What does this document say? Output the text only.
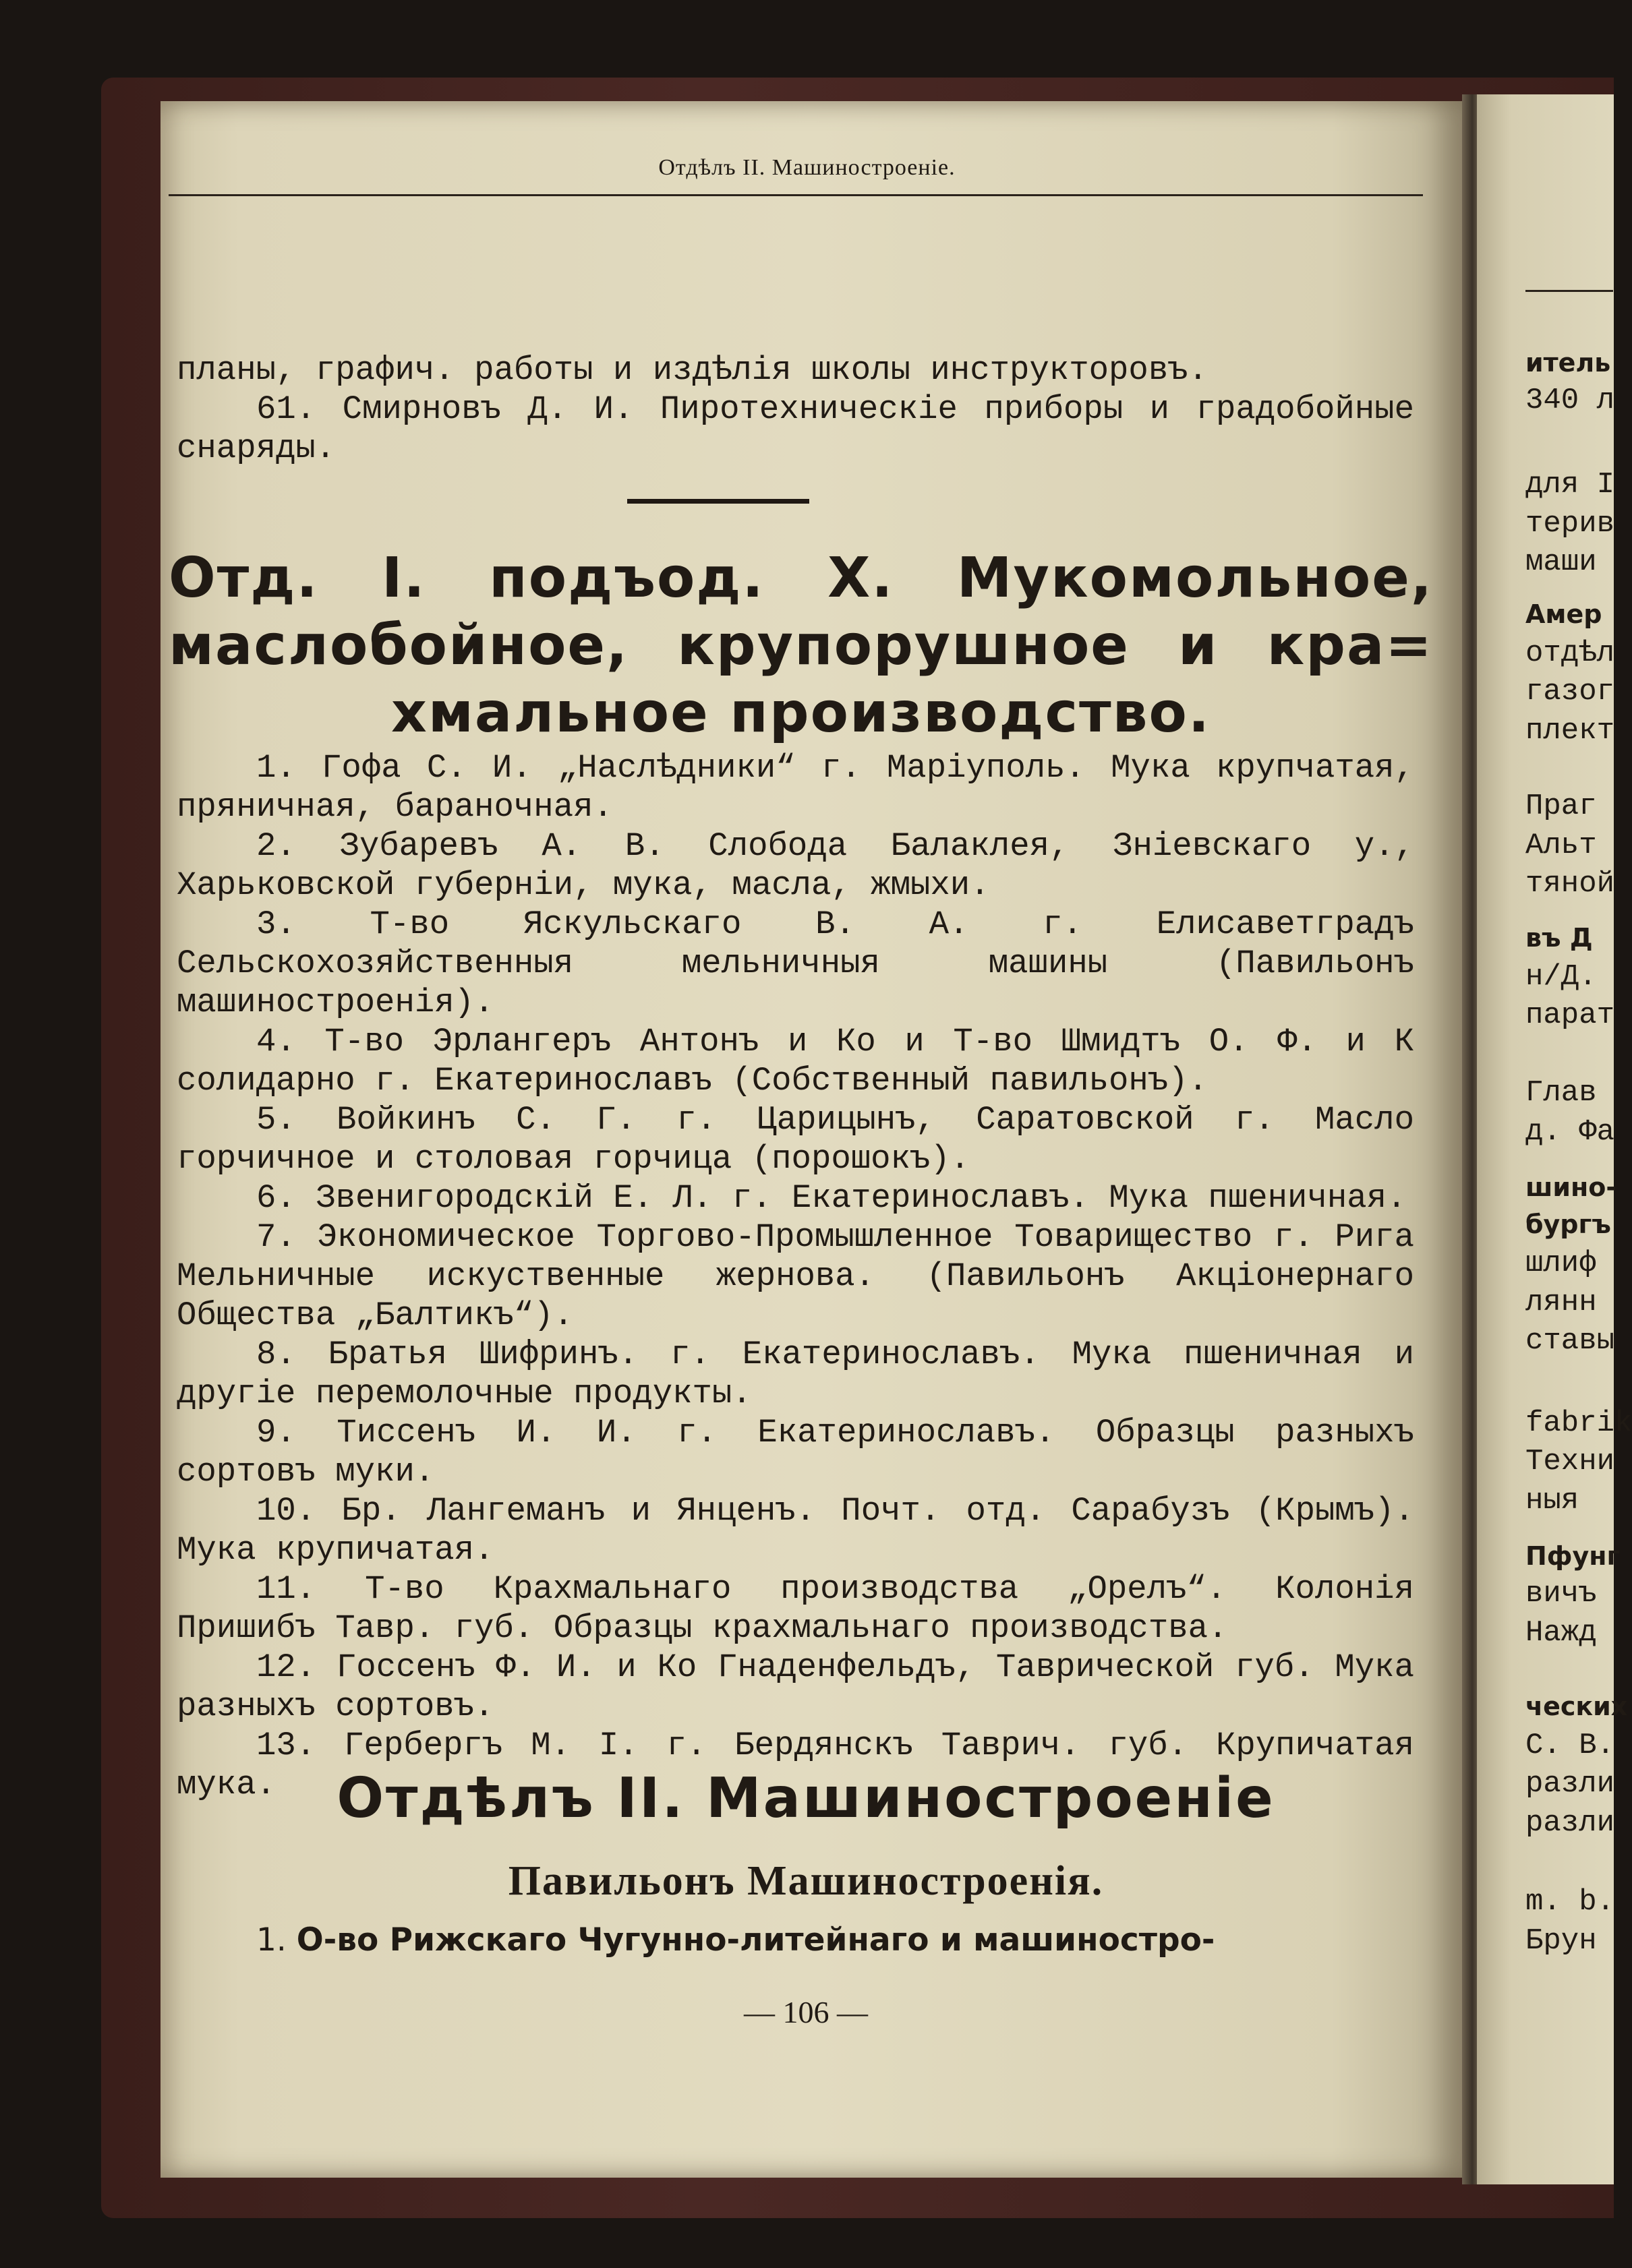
Отдѣлъ II. Машиностроеніе.

планы, графич. работы и издѣлія школы инструкторовъ.

61. Смирновъ Д. И. Пиротехническіе приборы и градобойные снаряды.

Отд. I. подъод. X. Мукомольное,
маслобойное, крупорушное и кра=
хмальное производство.

1. Гофа С. И. „Наслѣдники“ г. Маріуполь. Мука крупчатая, пряничная, бараночная.

2. Зубаревъ А. В. Слобода Балаклея, Зніевскаго у., Харьковской губерніи, мука, масла, жмыхи.

3. Т-во Яскульскаго В. А. г. Елисаветградъ Сельскохозяйственныя мельничныя машины (Павильонъ машиностроенія).

4. Т-во Эрлангеръ Антонъ и Ко и Т-во Шмидтъ О. Ф. и К солидарно г. Екатеринославъ (Собственный павильонъ).

5. Войкинъ С. Г. г. Царицынъ, Саратовской г. Масло горчичное и столовая горчица (порошокъ).

6. Звенигородскій Е. Л. г. Екатеринославъ. Мука пшеничная.

7. Экономическое Торгово-Промышленное Товарищество г. Рига Мельничные искуственные жернова. (Павильонъ Акціонернаго Общества „Балтикъ“).

8. Братья Шифринъ. г. Екатеринославъ. Мука пшеничная и другіе перемолочные продукты.

9. Тиссенъ И. И. г. Екатеринославъ. Образцы разныхъ сортовъ муки.

10. Бр. Лангеманъ и Янценъ. Почт. отд. Сарабузъ (Крымъ). Мука крупичатая.

11. Т-во Крахмальнаго производства „Орелъ“. Колонія Пришибъ Тавр. губ. Образцы крахмальнаго производства.

12. Госсенъ Ф. И. и Ко Гнаденфельдъ, Таврической губ. Мука разныхъ сортовъ.

13. Гербергъ М. I. г. Бердянскъ Таврич. губ. Крупичатая мука.	Отдѣлъ II. Машиностроеніе
Павильонъ Машиностроенія.
1. О-во Рижскаго Чугунно-литейнаго и машиностро-
— 106 —
итель
340 л
для I
терив
маши
Амер
отдѣл
газог
плект
Праг
Альт
тяной
въ Д
н/Д.
парат
Глав
д. Фа
шино-
бургъ
шлиф
лянн
ставы
fabrik
Техни
ныя
Пфунг
вичъ
Нажд
ческих
С. В.
разли
разли
m. b.
Брун
